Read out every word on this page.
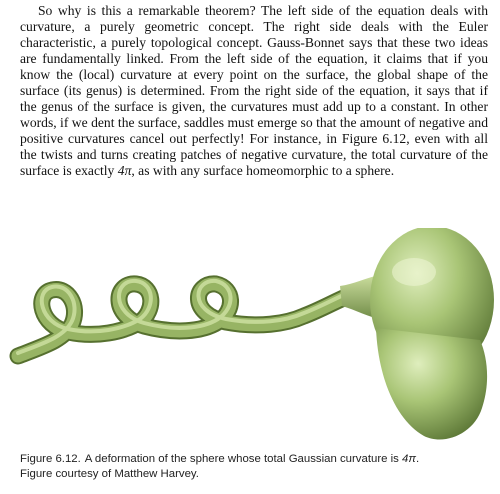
So why is this a remarkable theorem? The left side of the equation deals with curvature, a purely geometric concept. The right side deals with the Euler characteristic, a purely topological concept. Gauss-Bonnet says that these two ideas are fundamentally linked. From the left side of the equation, it claims that if you know the (local) curvature at every point on the surface, the global shape of the surface (its genus) is determined. From the right side of the equation, it says that if the genus of the surface is given, the curvatures must add up to a constant. In other words, if we dent the surface, saddles must emerge so that the amount of negative and positive curvatures cancel out perfectly! For instance, in Figure 6.12, even with all the twists and turns creating patches of negative curvature, the total curvature of the surface is exactly 4π, as with any surface homeomorphic to a sphere.

Figure 6.12. A deformation of the sphere whose total Gaussian curvature is 4π.
Figure courtesy of Matthew Harvey.
